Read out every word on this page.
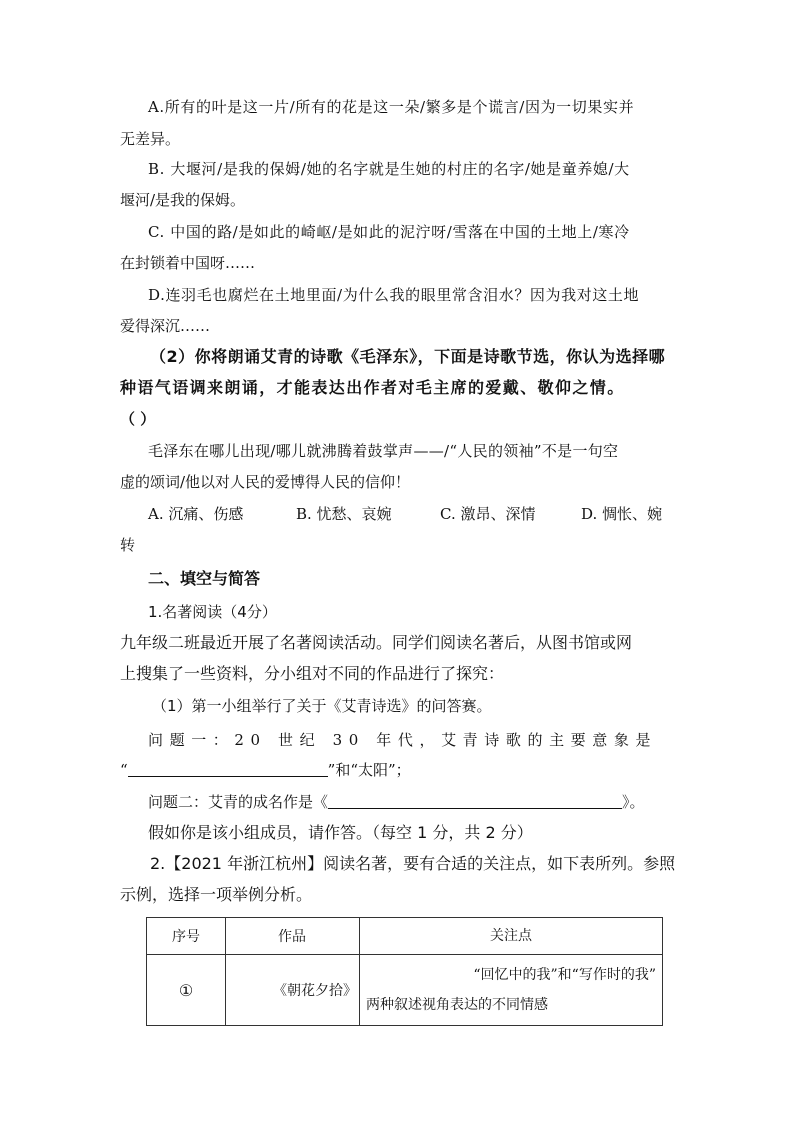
A.所有的叶是这一片/所有的花是这一朵/繁多是个谎言/因为一切果实并
无差异。
B. 大堰河/是我的保姆/她的名字就是生她的村庄的名字/她是童养媳/大
堰河/是我的保姆。
C. 中国的路/是如此的崎岖/是如此的泥泞呀/雪落在中国的土地上/寒冷
在封锁着中国呀……
D.连羽毛也腐烂在土地里面/为什么我的眼里常含泪水？因为我对这土地
爱得深沉……
（2）你将朗诵艾青的诗歌《毛泽东》，下面是诗歌节选，你认为选择哪
种语气语调来朗诵，才能表达出作者对毛主席的爱戴、敬仰之情。
（ ）
毛泽东在哪儿出现/哪儿就沸腾着鼓掌声——/“人民的领袖”不是一句空
虚的颂词/他以对人民的爱博得人民的信仰！
A. 沉痛、伤感	B. 忧愁、哀婉	C. 激昂、深情	D. 惆怅、婉
转
二、填空与简答
1.名著阅读（4分）
九年级二班最近开展了名著阅读活动。同学们阅读名著后，从图书馆或网
上搜集了一些资料，分小组对不同的作品进行了探究：
（1）第一小组举行了关于《艾青诗选》的问答赛。
问题一：20 世纪 30 年代，艾青诗歌的主要意象是
“	”和“太阳”；
问题二：艾青的成名作是《	》。
假如你是该小组成员，请作答。（每空 1 分，共 2 分）
2.【2021 年浙江杭州】阅读名著，要有合适的关注点，如下表所列。参照
示例，选择一项举例分析。
序号	作品	关注点
①	《朝花夕拾》	“回忆中的我”和“写作时的我”
两种叙述视角表达的不同情感
